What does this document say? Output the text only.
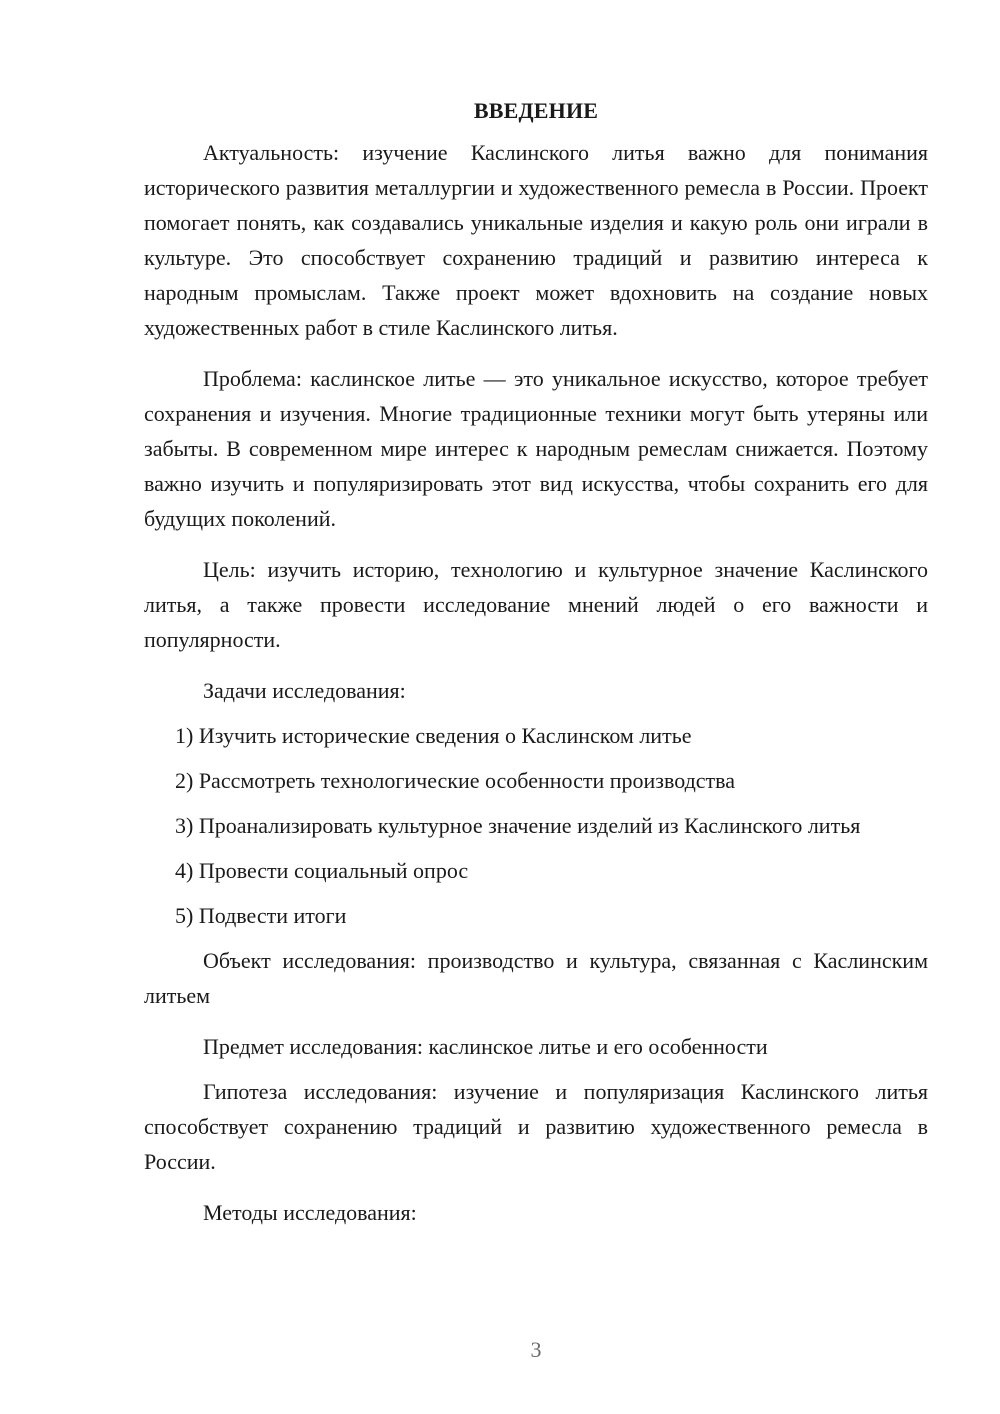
ВВЕДЕНИЕ

Актуальность: изучение Каслинского литья важно для понимания исторического развития металлургии и художественного ремесла в России. Проект помогает понять, как создавались уникальные изделия и какую роль они играли в культуре. Это способствует сохранению традиций и развитию интереса к народным промыслам. Также проект может вдохновить на создание новых художественных работ в стиле Каслинского литья.

Проблема: каслинское литье — это уникальное искусство, которое требует сохранения и изучения. Многие традиционные техники могут быть утеряны или забыты. В современном мире интерес к народным ремеслам снижается. Поэтому важно изучить и популяризировать этот вид искусства, чтобы сохранить его для будущих поколений.

Цель: изучить историю, технологию и культурное значение Каслинского литья, а также провести исследование мнений людей о его важности и популярности.

Задачи исследования:

1) Изучить исторические сведения о Каслинском литье

2) Рассмотреть технологические особенности производства

3) Проанализировать культурное значение изделий из Каслинского литья

4) Провести социальный опрос

5) Подвести итоги

Объект исследования: производство и культура, связанная с Каслинским литьем

Предмет исследования: каслинское литье и его особенности

Гипотеза исследования: изучение и популяризация Каслинского литья способствует сохранению традиций и развитию художественного ремесла в России.

Методы исследования:

3
